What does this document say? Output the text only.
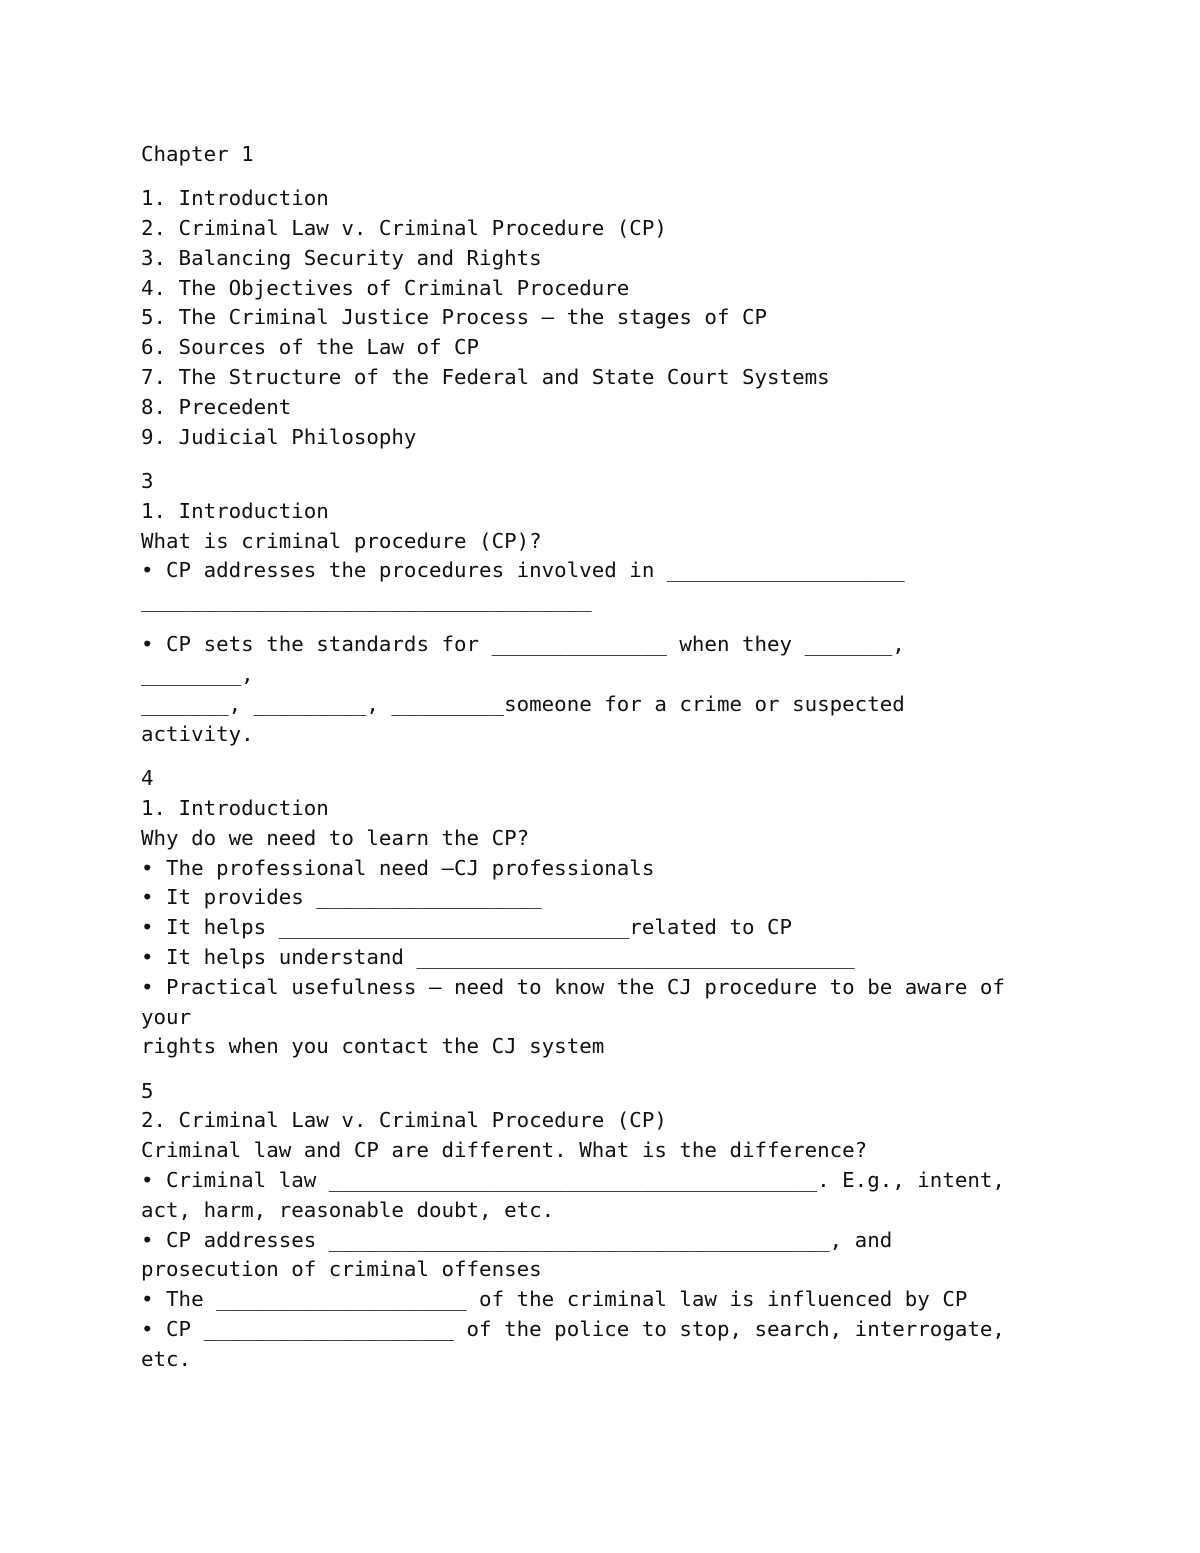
Chapter 1
1. Introduction
2. Criminal Law v. Criminal Procedure (CP)
3. Balancing Security and Rights
4. The Objectives of Criminal Procedure
5. The Criminal Justice Process – the stages of CP
6. Sources of the Law of CP
7. The Structure of the Federal and State Court Systems
8. Precedent
9. Judicial Philosophy
3
1. Introduction
What is criminal procedure (CP)?
• CP addresses the procedures involved in ___________________
____________________________________
• CP sets the standards for ______________ when they _______,
________,
_______, _________, _________someone for a crime or suspected
activity.
4
1. Introduction
Why do we need to learn the CP?
• The professional need –CJ professionals
• It provides __________________
• It helps ____________________________related to CP
• It helps understand ___________________________________
• Practical usefulness – need to know the CJ procedure to be aware of
your
rights when you contact the CJ system
5
2. Criminal Law v. Criminal Procedure (CP)
Criminal law and CP are different. What is the difference?
• Criminal law _______________________________________. E.g., intent,
act, harm, reasonable doubt, etc.
• CP addresses ________________________________________, and
prosecution of criminal offenses
• The ____________________ of the criminal law is influenced by CP
• CP ____________________ of the police to stop, search, interrogate,
etc.
